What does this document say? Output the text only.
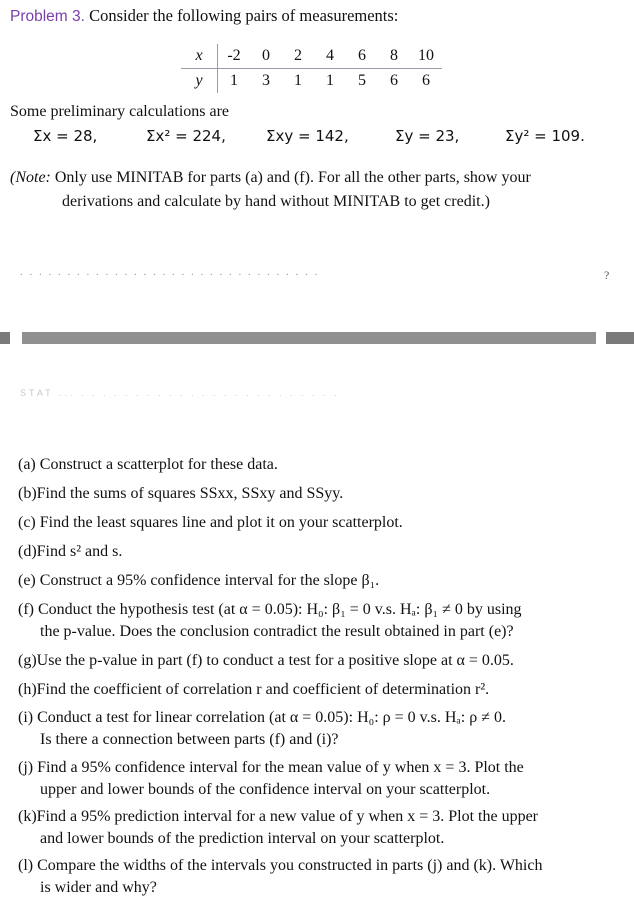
Problem 3. Consider the following pairs of measurements:
x	-2	0	2	4	6	8	10
y	1	3	1	1	5	6	6
Some preliminary calculations are
Σx = 28,	Σx² = 224,	Σxy = 142,	Σy = 23,	Σy² = 109.
(Note: Only use MINITAB for parts (a) and (f). For all the other parts, show your
derivations and calculate by hand without MINITAB to get credit.)
. . . . . . . . . . . . . . . . . . . . . . . . . . . . . . . .	?
STAT ... . . . . . . . . . . . . . . . . . . . . . . . .
(a) Construct a scatterplot for these data.
(b)Find the sums of squares SSxx, SSxy and SSyy.
(c) Find the least squares line and plot it on your scatterplot.
(d)Find s² and s.
(e) Construct a 95% confidence interval for the slope β₁.
(f) Conduct the hypothesis test (at α = 0.05): H₀: β₁ = 0 v.s. Hₐ: β₁ ≠ 0 by using
the p-value. Does the conclusion contradict the result obtained in part (e)?
(g)Use the p-value in part (f) to conduct a test for a positive slope at α = 0.05.
(h)Find the coefficient of correlation r and coefficient of determination r².
(i) Conduct a test for linear correlation (at α = 0.05): H₀: ρ = 0 v.s. Hₐ: ρ ≠ 0.
Is there a connection between parts (f) and (i)?
(j) Find a 95% confidence interval for the mean value of y when x = 3. Plot the
upper and lower bounds of the confidence interval on your scatterplot.
(k)Find a 95% prediction interval for a new value of y when x = 3. Plot the upper
and lower bounds of the prediction interval on your scatterplot.
(l) Compare the widths of the intervals you constructed in parts (j) and (k). Which
is wider and why?
